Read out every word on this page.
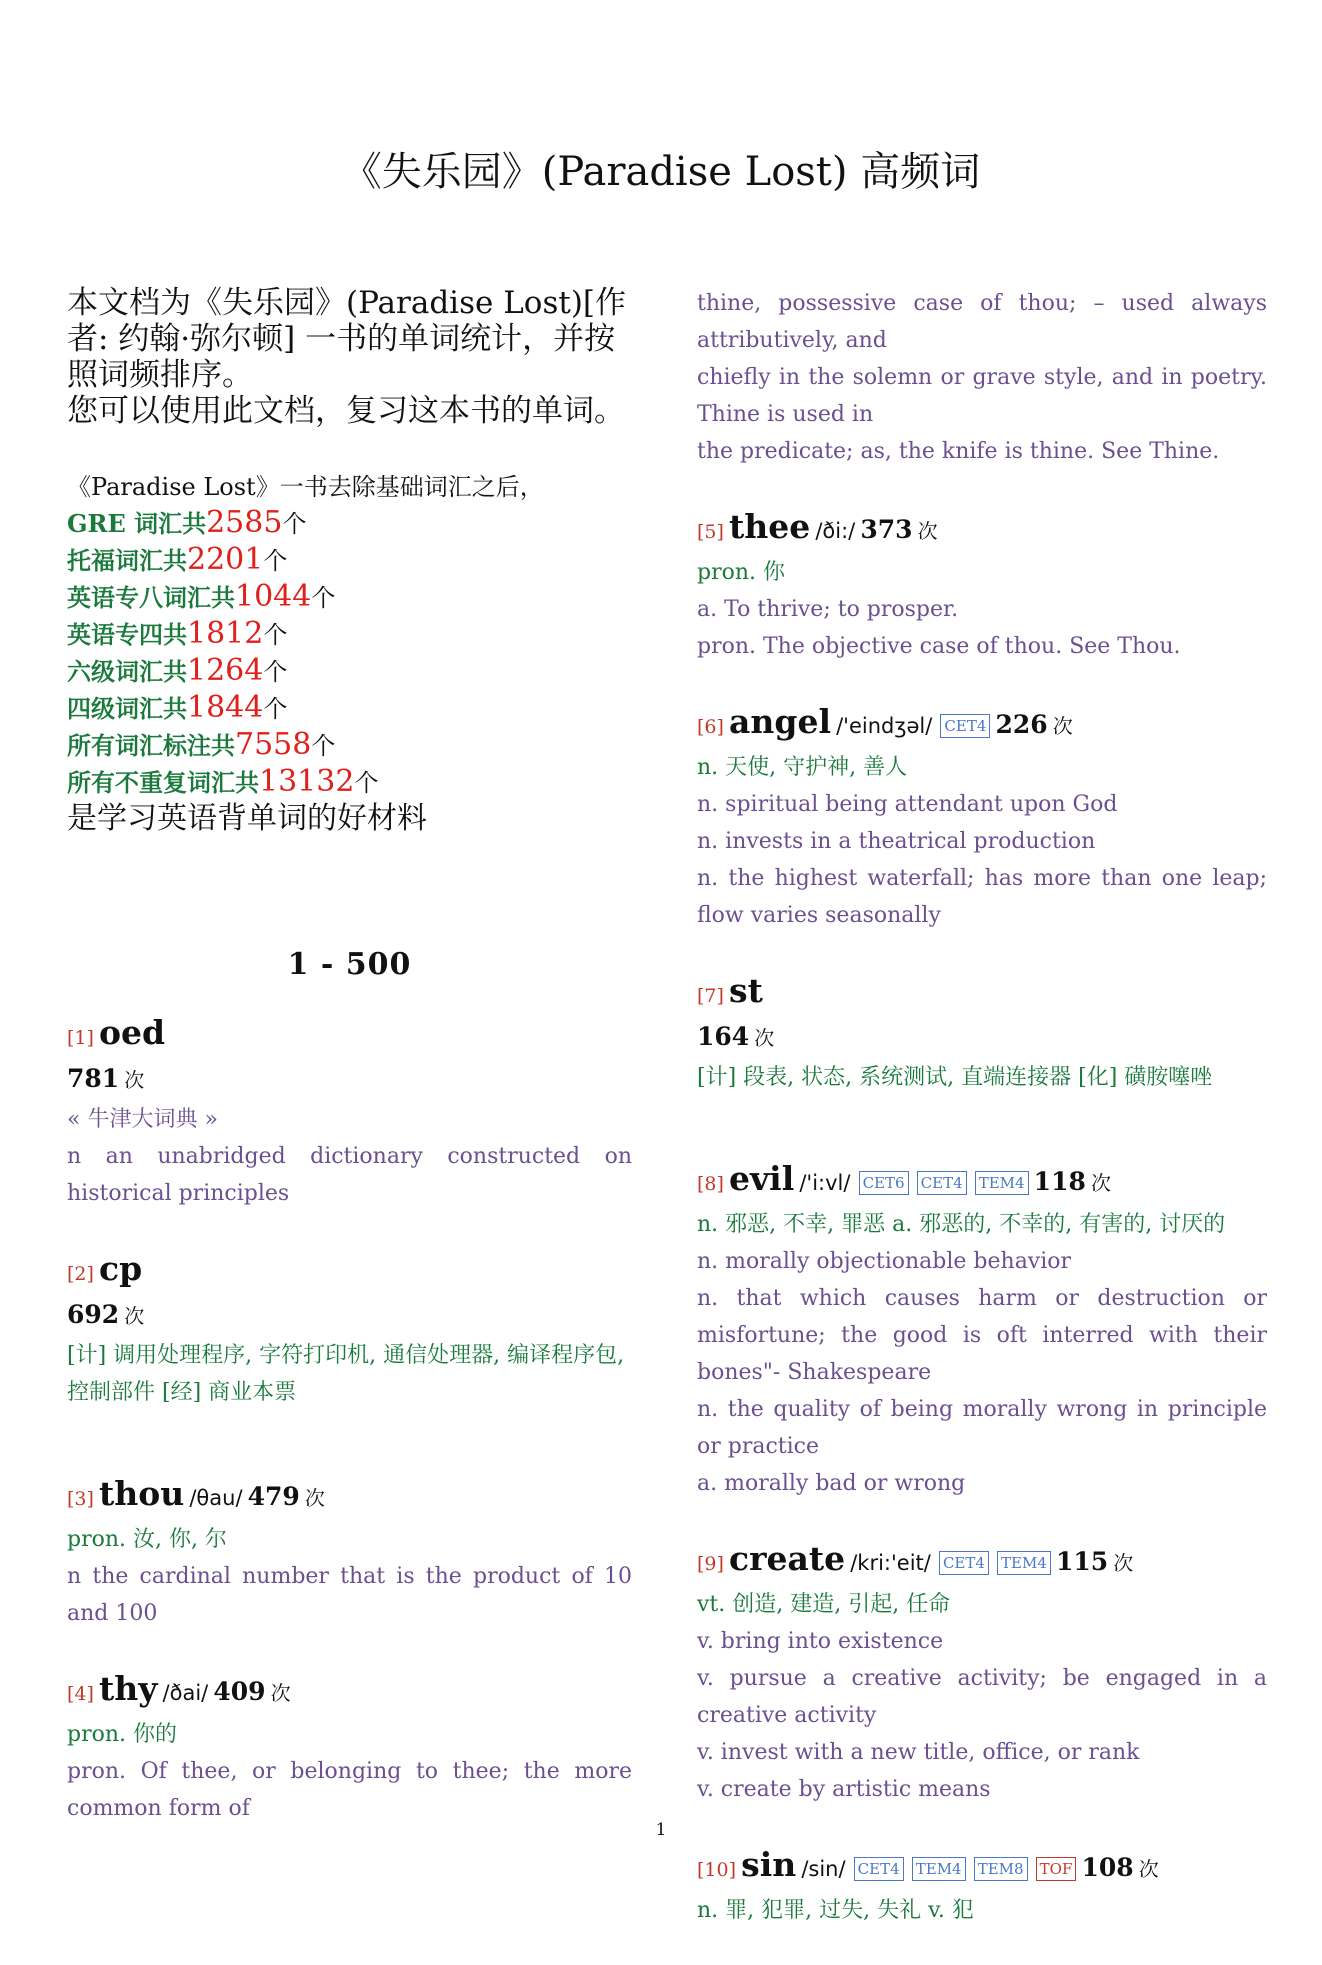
《失乐园》(Paradise Lost) 高频词
本文档为《失乐园》(Paradise Lost)[作者: 约翰·弥尔顿] 一书的单词统计，并按照词频排序。
您可以使用此文档，复习这本书的单词。
《Paradise Lost》一书去除基础词汇之后，
GRE 词汇共2585个
托福词汇共2201个
英语专八词汇共1044个
英语专四共1812个
六级词汇共1264个
四级词汇共1844个
所有词汇标注共7558个
所有不重复词汇共13132个
是学习英语背单词的好材料
1 - 500
[1] oed
781 次
« 牛津大词典 »
n an unabridged dictionary constructed on historical principles
[2] cp
692 次
[计] 调用处理程序, 字符打印机, 通信处理器, 编译程序包, 控制部件 [经] 商业本票
[3] thou /θau/ 479 次
pron. 汝, 你, 尔
n the cardinal number that is the product of 10 and 100
[4] thy /ðai/ 409 次
pron. 你的
pron. Of thee, or belonging to thee; the more common form of
thine, possessive case of thou; – used always attributively, and
chiefly in the solemn or grave style, and in poetry. Thine is used in
the predicate; as, the knife is thine. See Thine.
[5] thee /ði:/ 373 次
pron. 你
a. To thrive; to prosper.
pron. The objective case of thou. See Thou.
[6] angel /'eindʒəl/ CET4 226 次
n. 天使, 守护神, 善人
n. spiritual being attendant upon God
n. invests in a theatrical production
n. the highest waterfall; has more than one leap; flow varies seasonally
[7] st
164 次
[计] 段表, 状态, 系统测试, 直端连接器 [化] 磺胺噻唑
[8] evil /'i:vl/ CET6 CET4 TEM4 118 次
n. 邪恶, 不幸, 罪恶 a. 邪恶的, 不幸的, 有害的, 讨厌的
n. morally objectionable behavior
n. that which causes harm or destruction or misfortune; the good is oft interred with their bones"- Shakespeare
n. the quality of being morally wrong in principle or practice
a. morally bad or wrong
[9] create /kri:'eit/ CET4 TEM4 115 次
vt. 创造, 建造, 引起, 任命
v. bring into existence
v. pursue a creative activity; be engaged in a creative activity
v. invest with a new title, office, or rank
v. create by artistic means
[10] sin /sin/ CET4 TEM4 TEM8 TOF 108 次
n. 罪, 犯罪, 过失, 失礼 v. 犯
1
